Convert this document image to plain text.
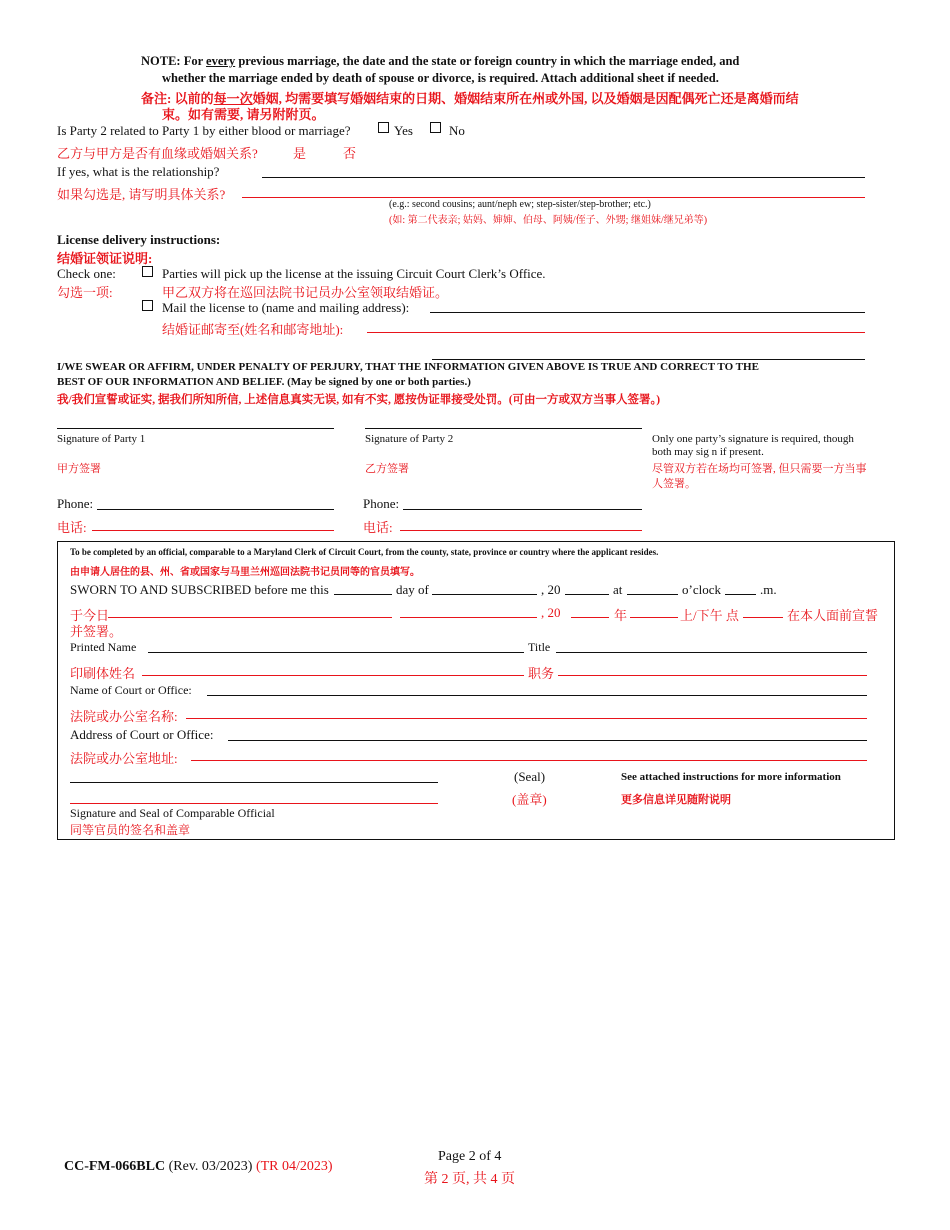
NOTE: For every previous marriage, the date and the state or foreign country in which the marriage ended, and
whether the marriage ended by death of spouse or divorce, is required. Attach additional sheet if needed.
备注: 以前的每一次婚姻, 均需要填写婚姻结束的日期、婚姻结束所在州或外国, 以及婚姻是因配偶死亡还是离婚而结
束。如有需要, 请另附附页。
Is Party 2 related to Party 1 by either blood or marriage?	Yes	No
乙方与甲方是否有血缘或婚姻关系?	是	否
If yes, what is the relationship?
如果勾选是, 请写明具体关系?
(e.g.: second cousins; aunt/neph ew; step-sister/step-brother; etc.)
(如: 第二代表亲; 姑妈、婶婶、伯母、阿姨/侄子、外甥; 继姐妹/继兄弟等)
License delivery instructions:
结婚证领证说明:
Check one:
勾选一项:
Parties will pick up the license at the issuing Circuit Court Clerk’s Office.
甲乙双方将在巡回法院书记员办公室领取结婚证。
Mail the license to (name and mailing address):
结婚证邮寄至(姓名和邮寄地址):
I/WE SWEAR OR AFFIRM, UNDER PENALTY OF PERJURY, THAT THE INFORMATION GIVEN ABOVE IS TRUE AND CORRECT TO THE
BEST OF OUR INFORMATION AND BELIEF. (May be signed by one or both parties.)
我/我们宣誓或证实, 据我们所知所信, 上述信息真实无误, 如有不实, 愿按伪证罪接受处罚。(可由一方或双方当事人签署。)
Signature of Party 1
甲方签署
Signature of Party 2
乙方签署
Only one party’s signature is required, though
both may sig n if present.
尽管双方若在场均可签署, 但只需要一方当事
人签署。
Phone:
电话:
Phone:
电话:
To be completed by an official, comparable to a Maryland Clerk of Circuit Court, from the county, state, province or country where the applicant resides.
由申请人居住的县、州、省或国家与马里兰州巡回法院书记员同等的官员填写。
SWORN TO AND SUBSCRIBED before me this	day of	, 20	at	o’clock	.m.
于今日	, 20	年	上/下午 点	在本人面前宣誓
并签署。
Printed Name	Title
印刷体姓名	职务
Name of Court or Office:
法院或办公室名称:
Address of Court or Office:
法院或办公室地址:
(Seal)
(盖章)
See attached instructions for more information
更多信息详见随附说明
Signature and Seal of Comparable Official
同等官员的签名和盖章
CC-FM-066BLC (Rev. 03/2023) (TR 04/2023)
Page 2 of 4
第 2 页, 共 4 页
